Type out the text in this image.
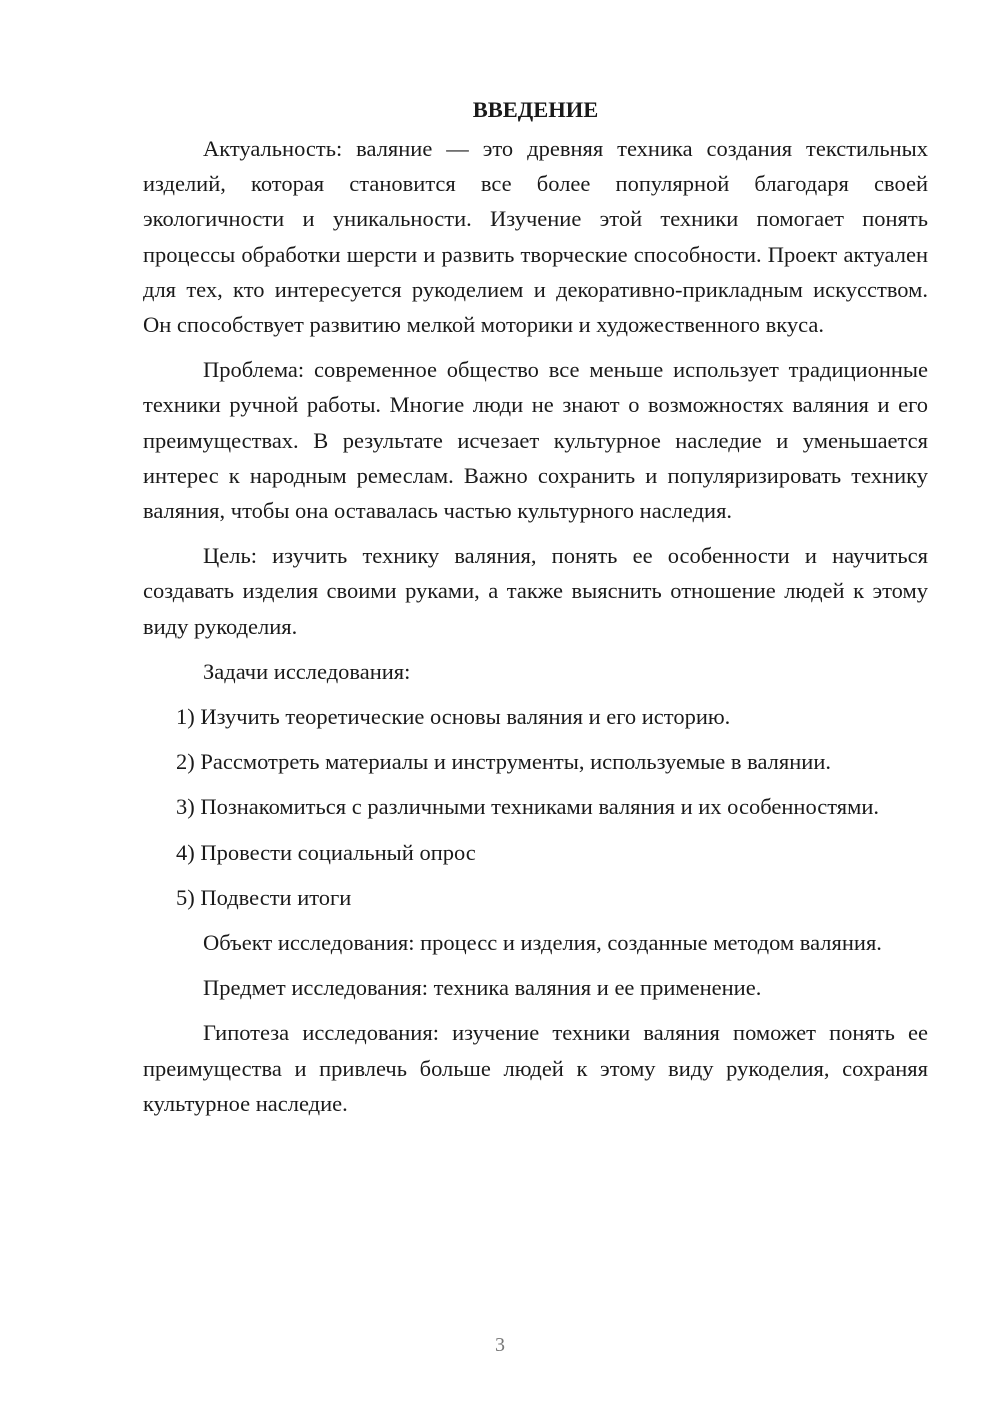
ВВЕДЕНИЕ

Актуальность: валяние — это древняя техника создания текстильных изделий, которая становится все более популярной благодаря своей экологичности и уникальности. Изучение этой техники помогает понять процессы обработки шерсти и развить творческие способности. Проект актуален для тех, кто интересуется рукоделием и декоративно-прикладным искусством. Он способствует развитию мелкой моторики и художественного вкуса.

Проблема: современное общество все меньше использует традиционные техники ручной работы. Многие люди не знают о возможностях валяния и его преимуществах. В результате исчезает культурное наследие и уменьшается интерес к народным ремеслам. Важно сохранить и популяризировать технику валяния, чтобы она оставалась частью культурного наследия.

Цель: изучить технику валяния, понять ее особенности и научиться создавать изделия своими руками, а также выяснить отношение людей к этому виду рукоделия.

Задачи исследования:

1) Изучить теоретические основы валяния и его историю.

2) Рассмотреть материалы и инструменты, используемые в валянии.

3) Познакомиться с различными техниками валяния и их особенностями.

4) Провести социальный опрос

5) Подвести итоги

Объект исследования: процесс и изделия, созданные методом валяния.

Предмет исследования: техника валяния и ее применение.

Гипотеза исследования: изучение техники валяния поможет понять ее преимущества и привлечь больше людей к этому виду рукоделия, сохраняя культурное наследие.

3
